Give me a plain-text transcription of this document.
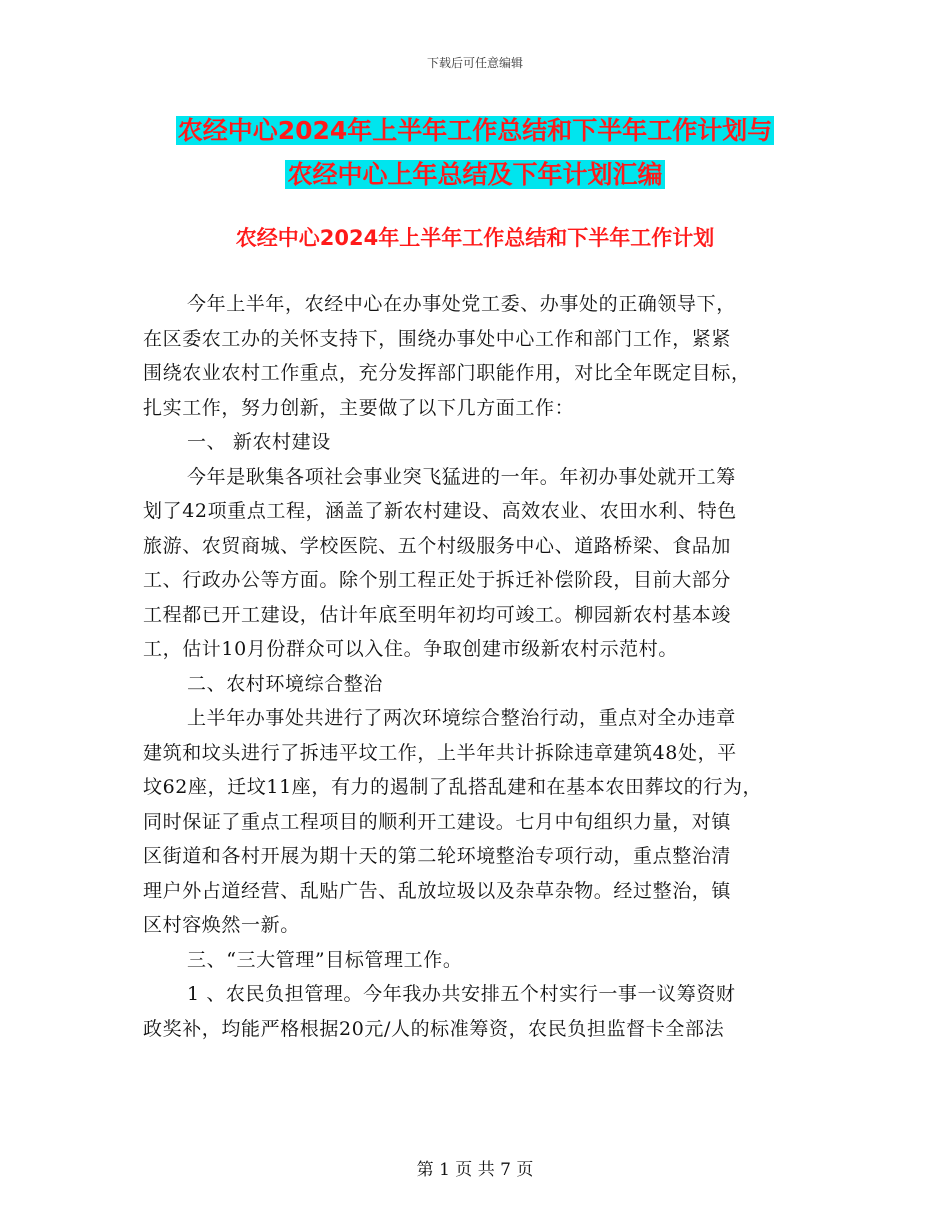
下载后可任意编辑
农经中心2024年上半年工作总结和下半年工作计划与
农经中心上年总结及下年计划汇编
农经中心2024年上半年工作总结和下半年工作计划
今年上半年，农经中心在办事处党工委、办事处的正确领导下，
在区委农工办的关怀支持下，围绕办事处中心工作和部门工作，紧紧
围绕农业农村工作重点，充分发挥部门职能作用，对比全年既定目标，
扎实工作，努力创新，主要做了以下几方面工作：
一、 新农村建设
今年是耿集各项社会事业突飞猛进的一年。年初办事处就开工筹
划了42项重点工程，涵盖了新农村建设、高效农业、农田水利、特色
旅游、农贸商城、学校医院、五个村级服务中心、道路桥梁、食品加
工、行政办公等方面。除个别工程正处于拆迁补偿阶段，目前大部分
工程都已开工建设，估计年底至明年初均可竣工。柳园新农村基本竣
工，估计10月份群众可以入住。争取创建市级新农村示范村。
二、农村环境综合整治
上半年办事处共进行了两次环境综合整治行动，重点对全办违章
建筑和坟头进行了拆违平坟工作，上半年共计拆除违章建筑48处，平
坟62座，迁坟11座，有力的遏制了乱搭乱建和在基本农田葬坟的行为，
同时保证了重点工程项目的顺利开工建设。七月中旬组织力量，对镇
区街道和各村开展为期十天的第二轮环境整治专项行动，重点整治清
理户外占道经营、乱贴广告、乱放垃圾以及杂草杂物。经过整治，镇
区村容焕然一新。
三、“三大管理”目标管理工作。
1 、农民负担管理。今年我办共安排五个村实行一事一议筹资财
政奖补，均能严格根据20元/人的标准筹资，农民负担监督卡全部法
第 1 页 共 7 页
